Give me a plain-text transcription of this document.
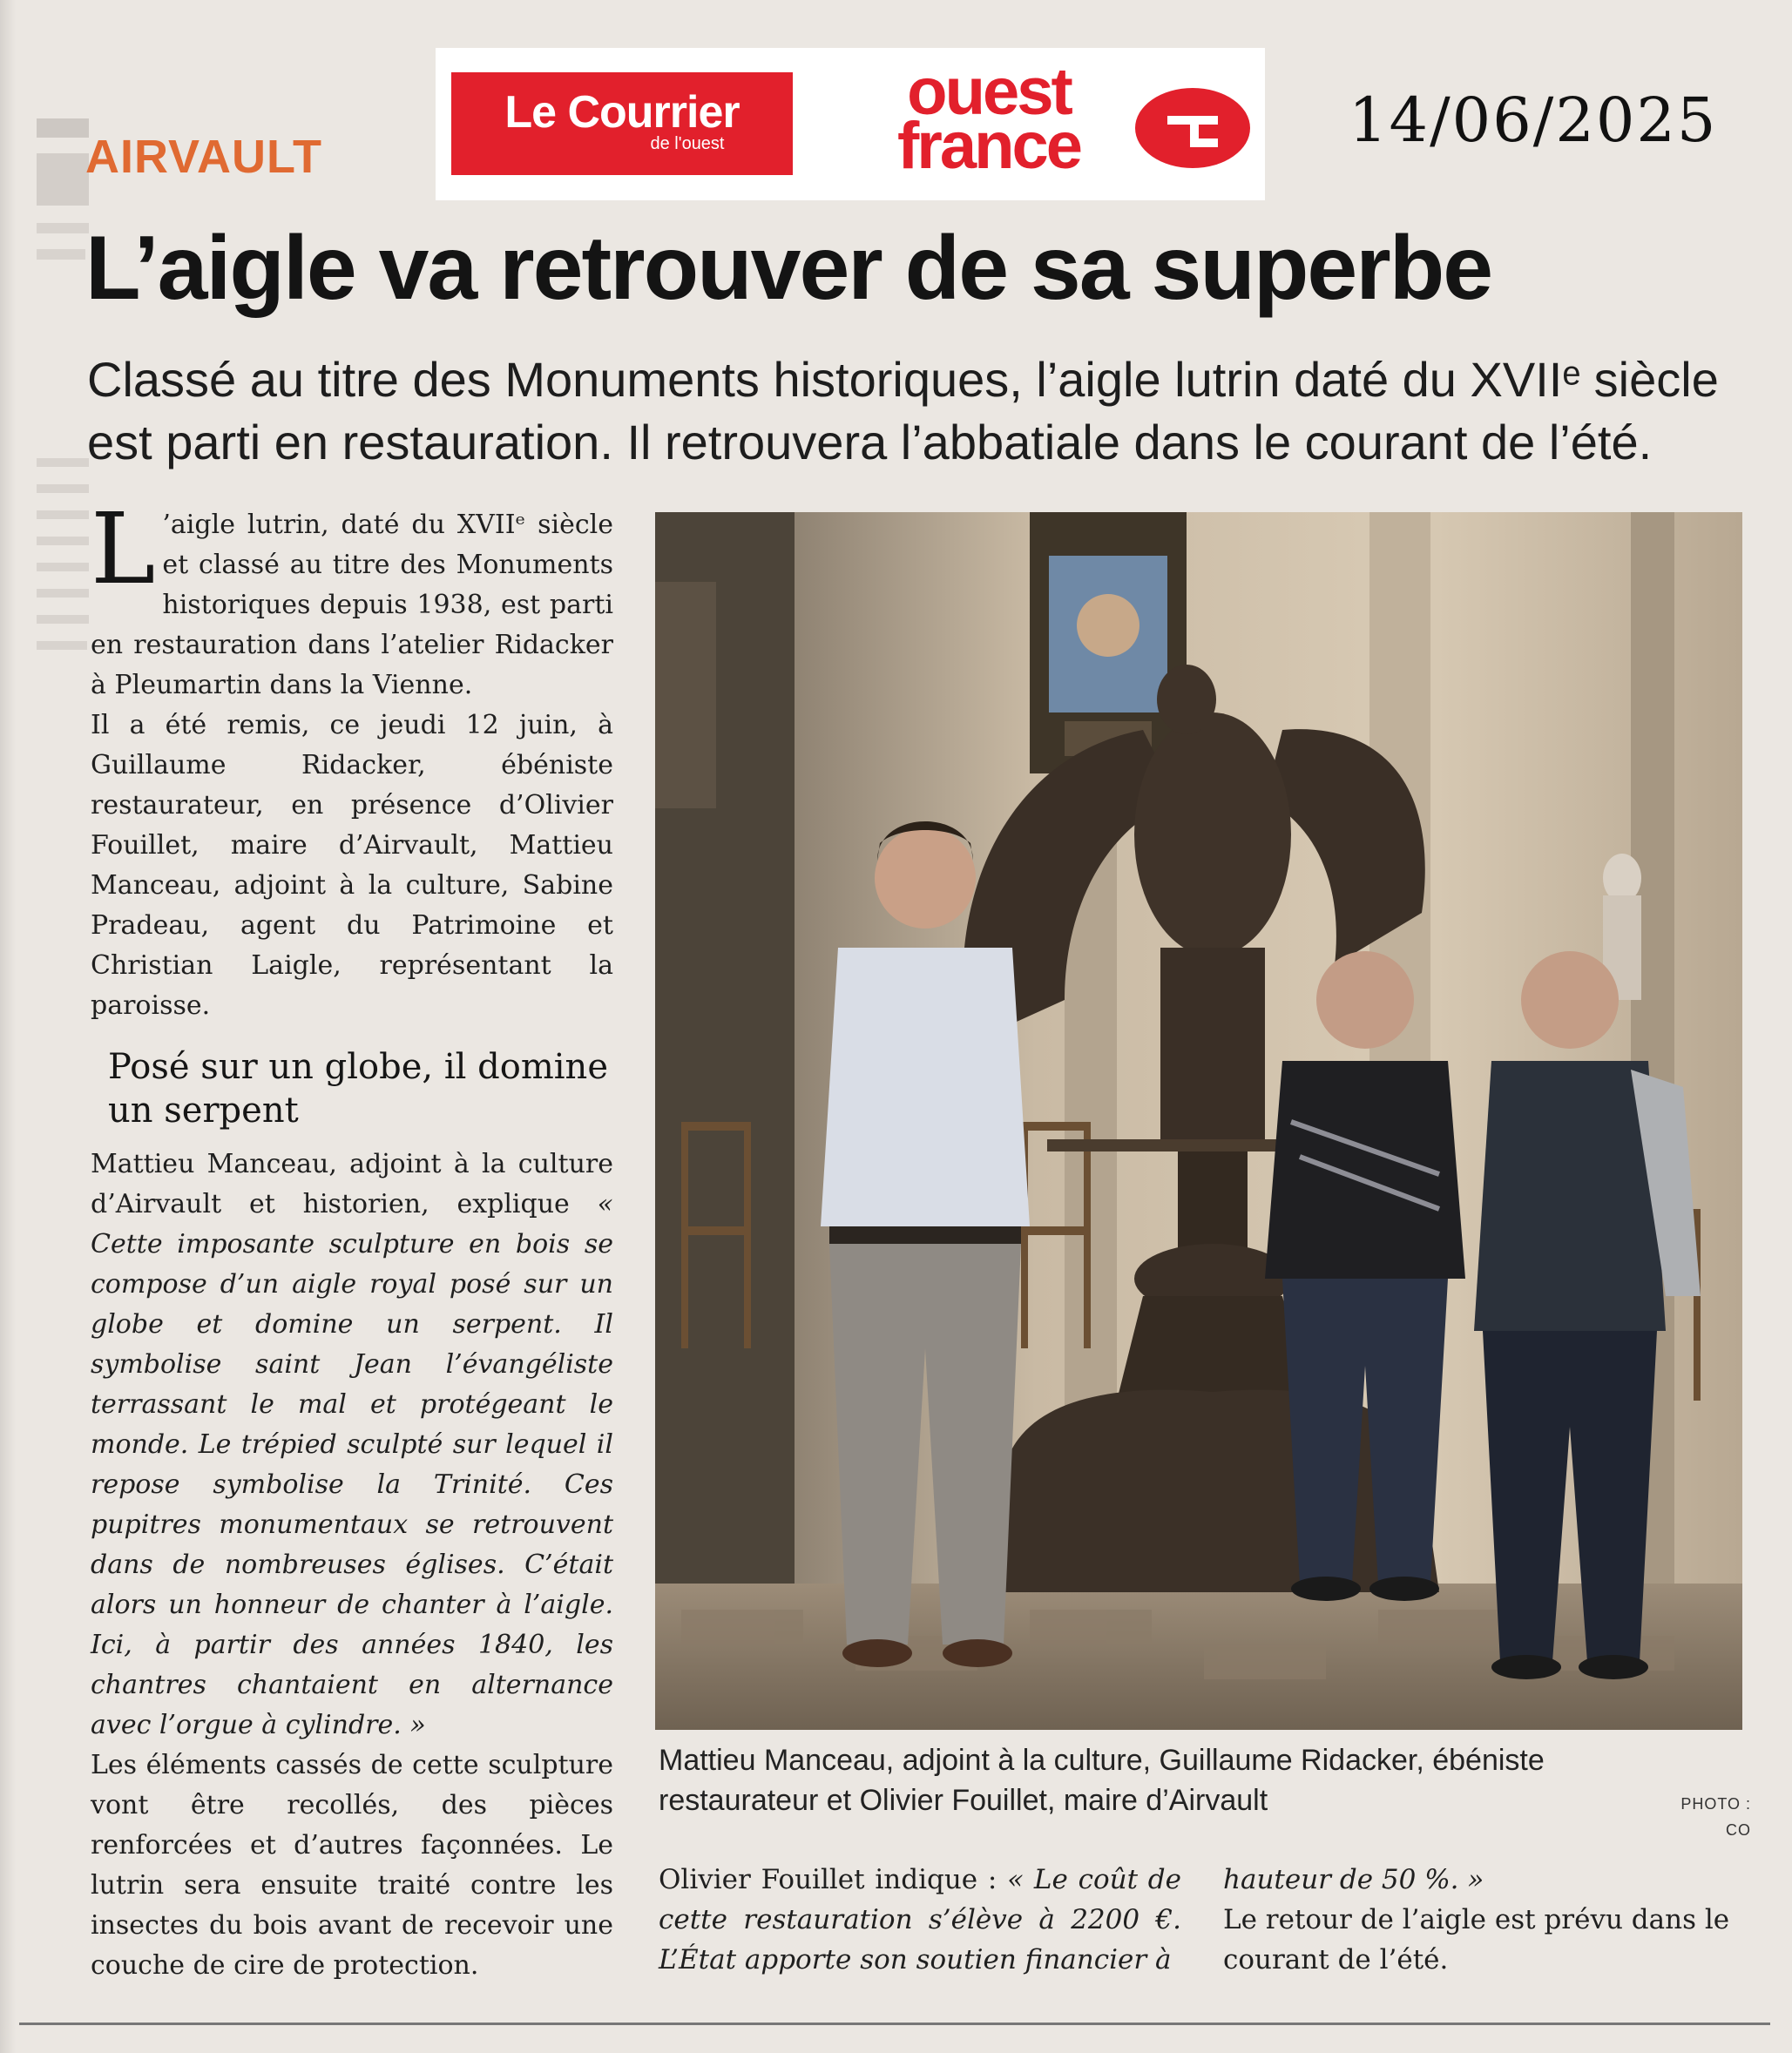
Le Courrier
de l'ouest
ouest
france	14/06/2025
AIRVAULT
L’aigle va retrouver de sa superbe
Classé au titre des Monuments historiques, l’aigle lutrin daté du XVIIᵉ siècle
est parti en restauration. Il retrouvera l’abbatiale dans le courant de l’été.

L ’aigle lutrin, daté du XVIIᵉ siècle et classé au titre des Monuments historiques depuis 1938, est parti en restauration dans l’atelier Ridacker à Pleumartin dans la Vienne.

Il a été remis, ce jeudi 12 juin, à Guillaume Ridacker, ébéniste restaurateur, en présence d’Olivier Fouillet, maire d’Airvault, Mattieu Manceau, adjoint à la culture, Sabine Pradeau, agent du Patrimoine et Christian Laigle, représentant la paroisse.

Posé sur un globe, il domine un serpent

Mattieu Manceau, adjoint à la culture d’Airvault et historien, explique « Cette imposante sculpture en bois se compose d’un aigle royal posé sur un globe et domine un serpent. Il symbolise saint Jean l’évangéliste terrassant le mal et protégeant le monde. Le trépied sculpté sur lequel il repose symbolise la Trinité. Ces pupitres monumentaux se retrouvent dans de nombreuses églises. C’était alors un honneur de chanter à l’aigle. Ici, à partir des années 1840, les chantres chantaient en alternance avec l’orgue à cylindre. »

Les éléments cassés de cette sculpture vont être recollés, des pièces renforcées et d’autres façonnées. Le lutrin sera ensuite traité contre les insectes du bois avant de recevoir une couche de cire de protection.

Mattieu Manceau, adjoint à la culture, Guillaume Ridacker, ébéniste
restaurateur et Olivier Fouillet, maire d’Airvault	PHOTO : CO

Olivier Fouillet indique : « Le coût de cette restauration s’élève à 2200 €. L’État apporte son soutien financier à

hauteur de 50 %. »

Le retour de l’aigle est prévu dans le courant de l’été.
